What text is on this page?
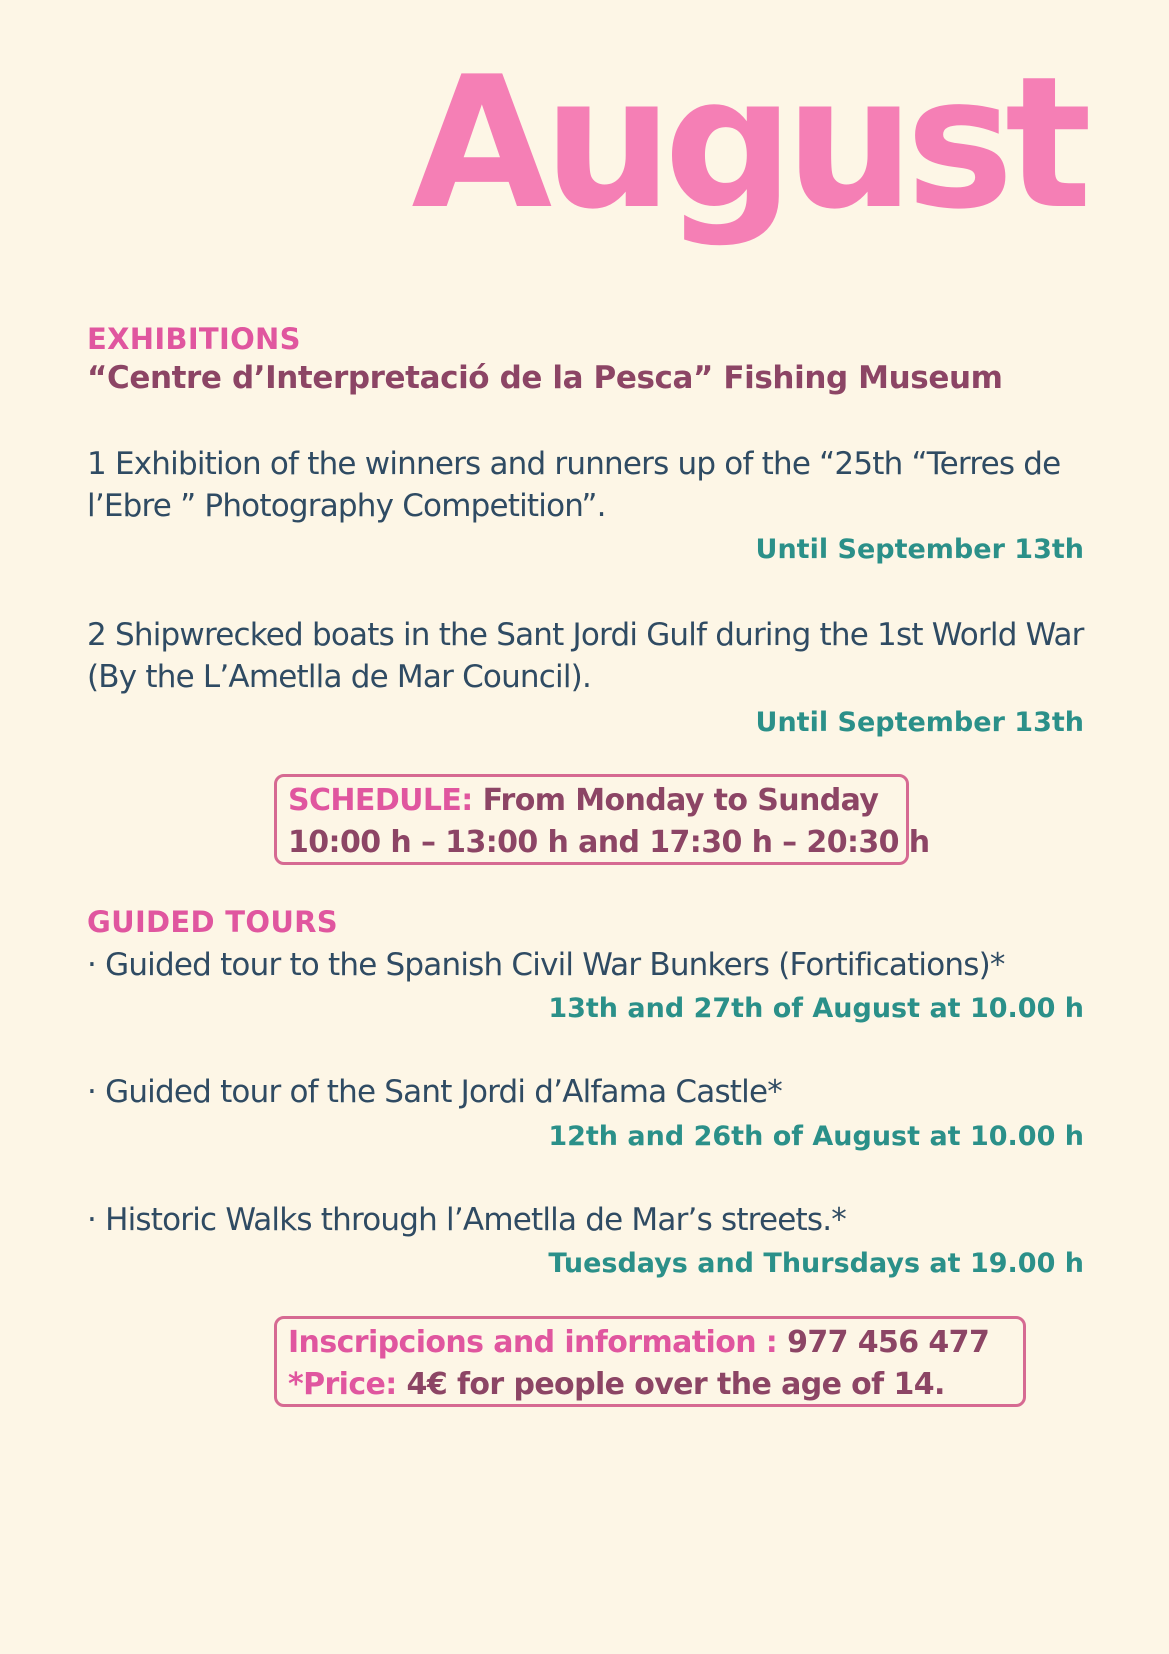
August
EXHIBITIONS
“Centre d’Interpretació de la Pesca” Fishing Museum
1 Exhibition of the winners and runners up of the “25th “Terres de l’Ebre ” Photography Competition”.
Until September 13th
2 Shipwrecked boats in the Sant Jordi Gulf during the 1st World War (By the L’Ametlla de Mar Council).
Until September 13th
SCHEDULE: From Monday to Sunday
10:00 h – 13:00 h and 17:30 h – 20:30 h
GUIDED TOURS
· Guided tour to the Spanish Civil War Bunkers (Fortifications)*
13th and 27th of August at 10.00 h
· Guided tour of the Sant Jordi d’Alfama Castle*
12th and 26th of August at 10.00 h
· Historic Walks through l’Ametlla de Mar’s streets.*
Tuesdays and Thursdays at 19.00 h
Inscripcions and information : 977 456 477
*Price: 4€ for people over the age of 14.
